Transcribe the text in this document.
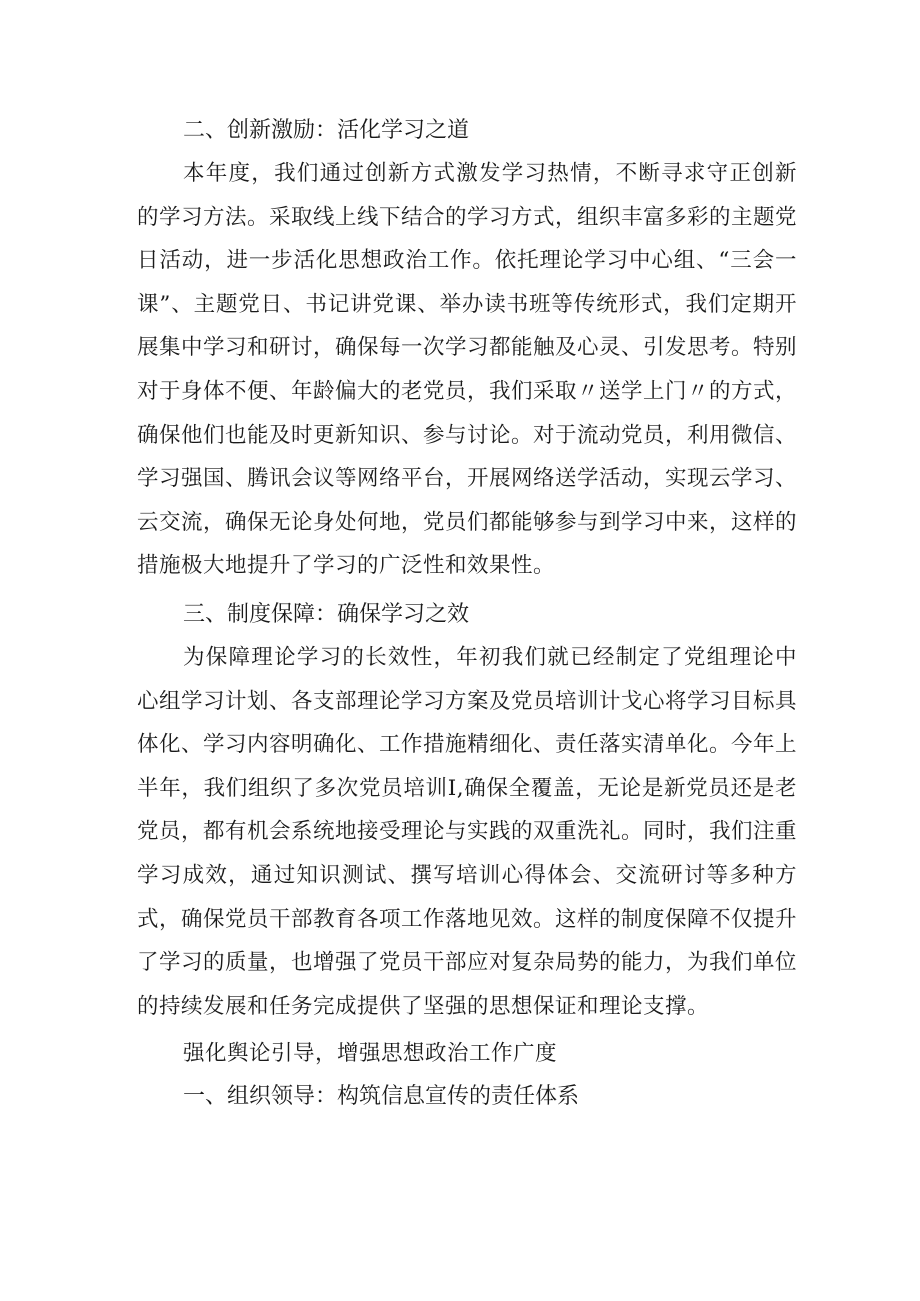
二、创新激励：活化学习之道

本年度，我们通过创新方式激发学习热情，不断寻求守正创新的学习方法。采取线上线下结合的学习方式，组织丰富多彩的主题党日活动，进一步活化思想政治工作。依托理论学习中心组、“三会一课”、主题党日、书记讲党课、举办读书班等传统形式，我们定期开展集中学习和研讨，确保每一次学习都能触及心灵、引发思考。特别对于身体不便、年龄偏大的老党员，我们采取〃送学上门〃的方式，确保他们也能及时更新知识、参与讨论。对于流动党员，利用微信、学习强国、腾讯会议等网络平台，开展网络送学活动，实现云学习、云交流，确保无论身处何地，党员们都能够参与到学习中来，这样的措施极大地提升了学习的广泛性和效果性。

三、制度保障：确保学习之效

为保障理论学习的长效性，年初我们就已经制定了党组理论中心组学习计划、各支部理论学习方案及党员培训计戈心将学习目标具体化、学习内容明确化、工作措施精细化、责任落实清单化。今年上半年，我们组织了多次党员培训I,确保全覆盖，无论是新党员还是老党员，都有机会系统地接受理论与实践的双重洗礼。同时，我们注重学习成效，通过知识测试、撰写培训心得体会、交流研讨等多种方式，确保党员干部教育各项工作落地见效。这样的制度保障不仅提升了学习的质量，也增强了党员干部应对复杂局势的能力，为我们单位的持续发展和任务完成提供了坚强的思想保证和理论支撑。

强化舆论引导，增强思想政治工作广度
一、组织领导：构筑信息宣传的责任体系
